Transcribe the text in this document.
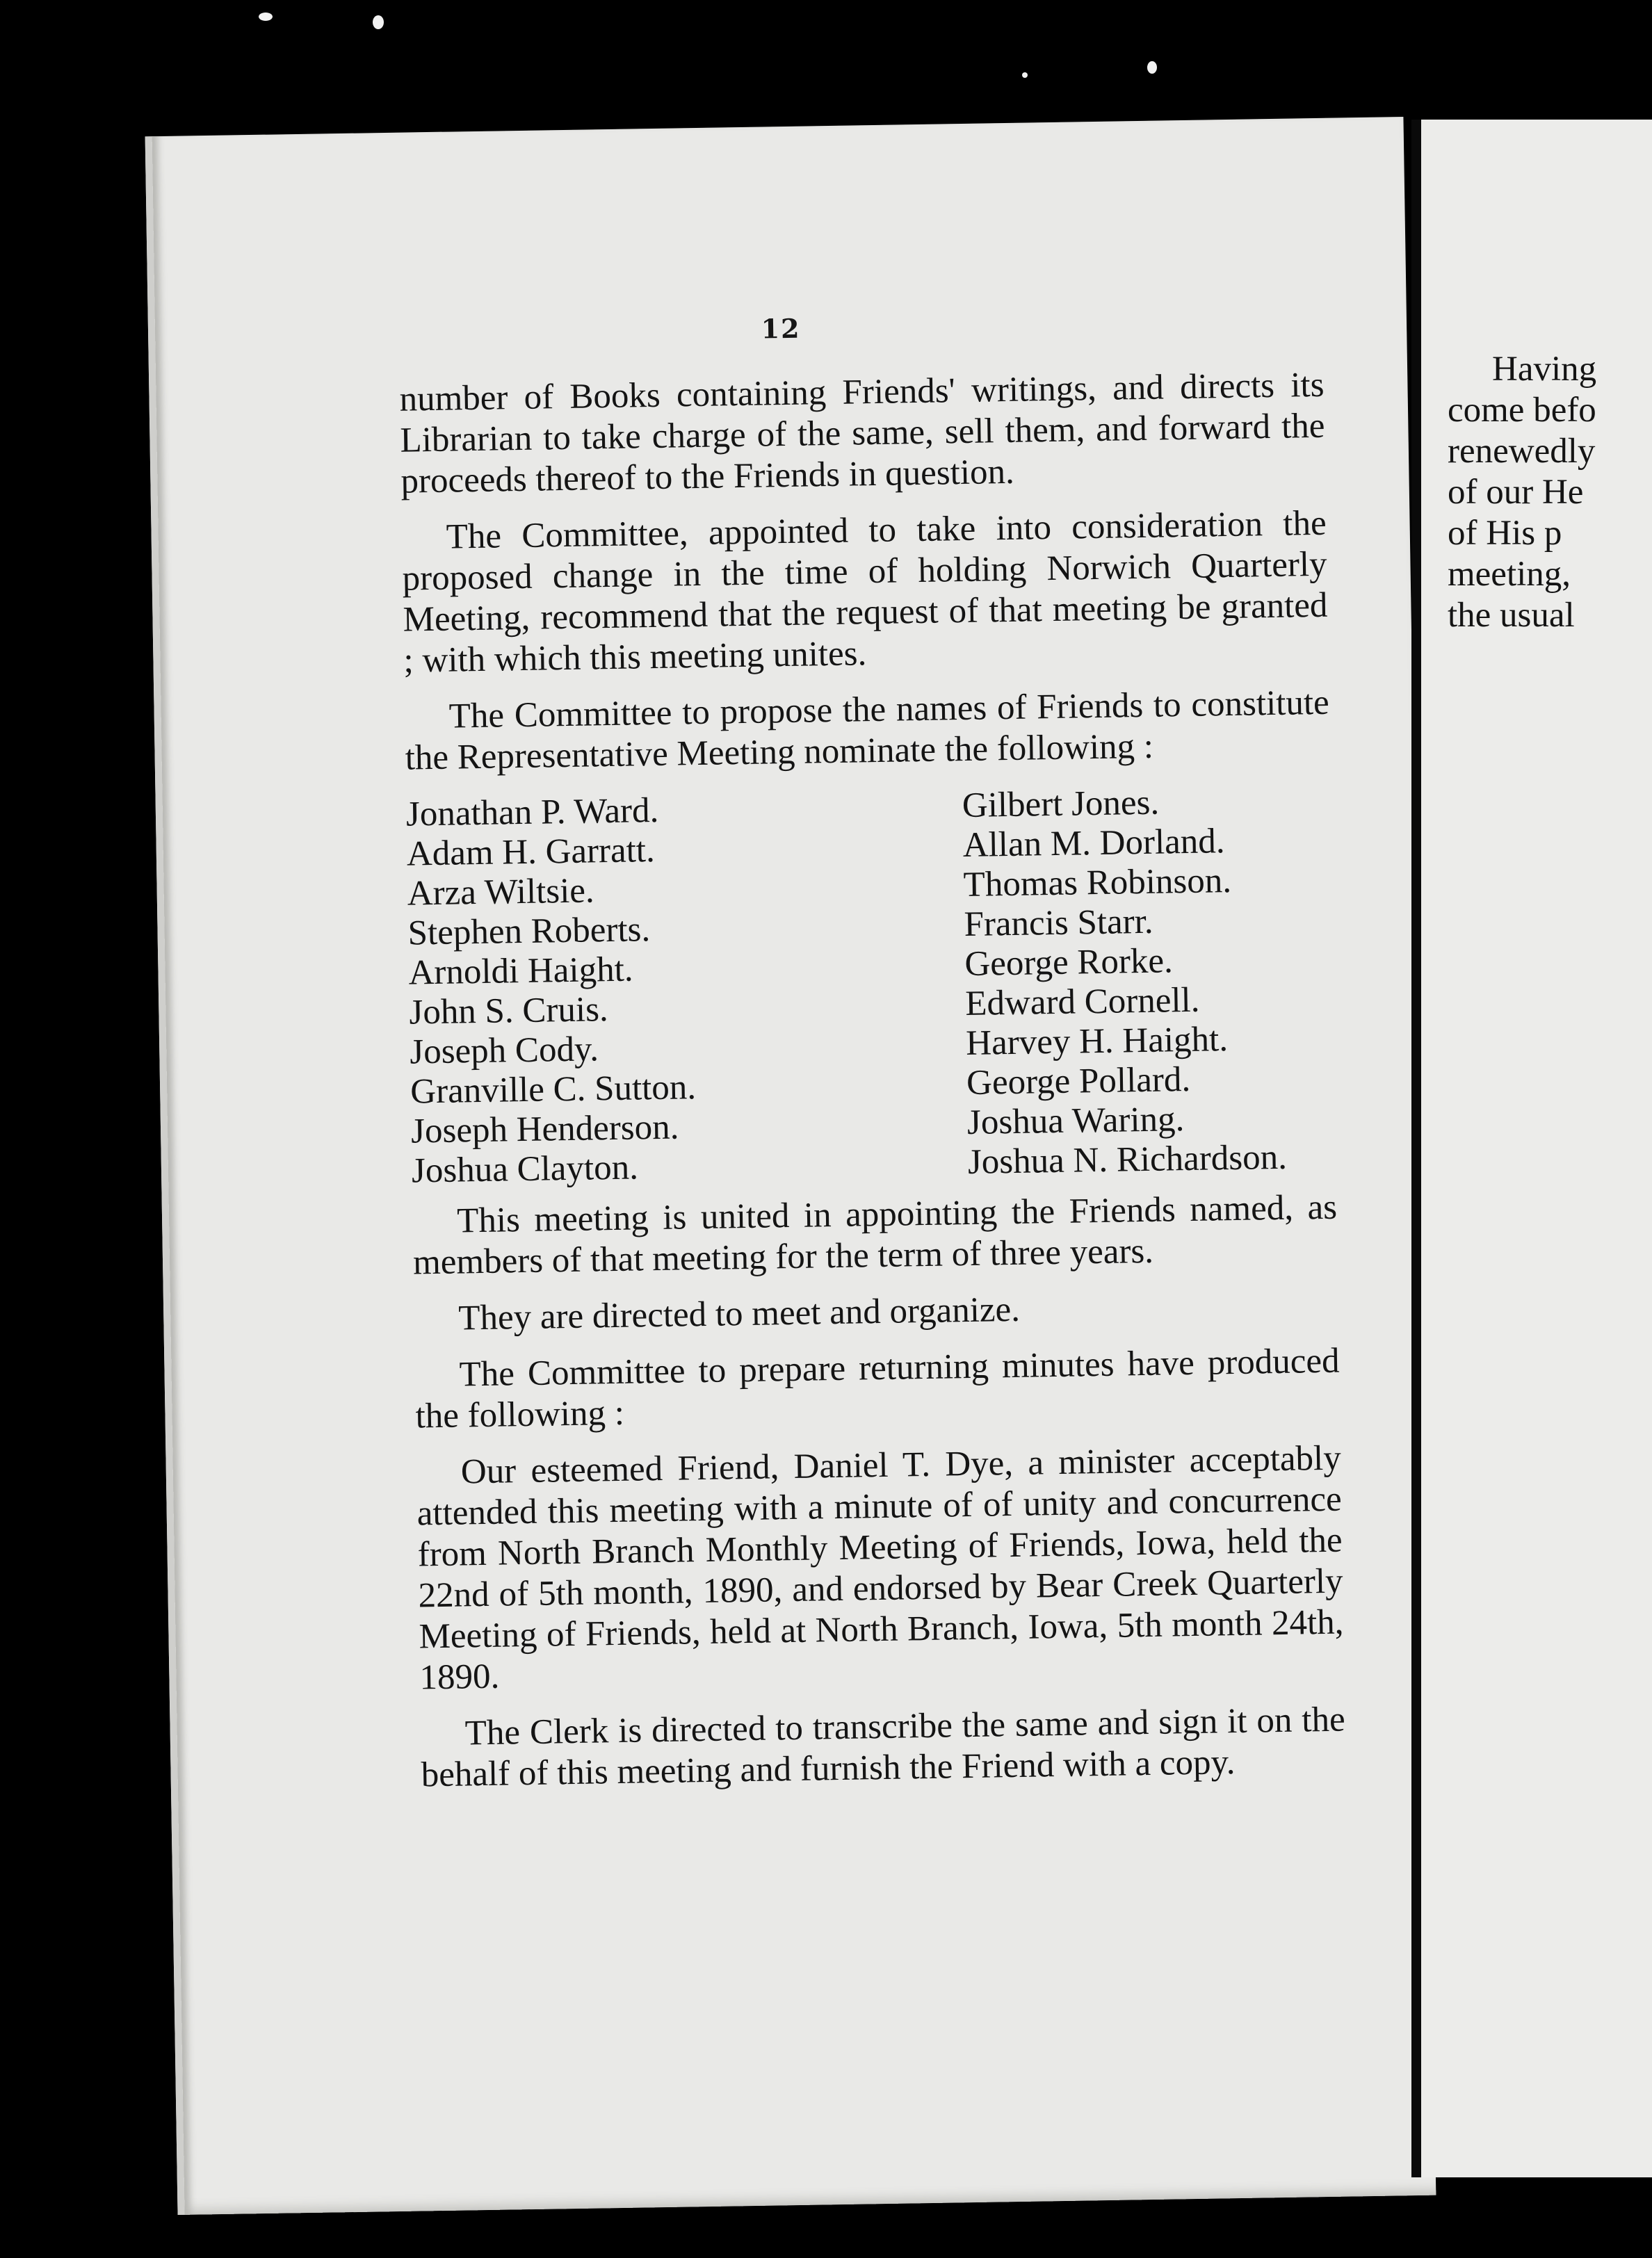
12

number of Books containing Friends' writings, and directs its Librarian to take charge of the same, sell them, and forward the proceeds thereof to the Friends in question.

The Committee, appointed to take into consideration the proposed change in the time of holding Norwich Quarterly Meeting, recommend that the request of that meeting be granted ; with which this meeting unites.

The Committee to propose the names of Friends to constitute the Representative Meeting nominate the following :

Jonathan P. Ward.
Adam H. Garratt.
Arza Wiltsie.
Stephen Roberts.
Arnoldi Haight.
John S. Cruis.
Joseph Cody.
Granville C. Sutton.
Joseph Henderson.
Joshua Clayton.
Gilbert Jones.
Allan M. Dorland.
Thomas Robinson.
Francis Starr.
George Rorke.
Edward Cornell.
Harvey H. Haight.
George Pollard.
Joshua Waring.
Joshua N. Richardson.

This meeting is united in appointing the Friends named, as members of that meeting for the term of three years.

They are directed to meet and organize.

The Committee to prepare returning minutes have produced the following :

Our esteemed Friend, Daniel T. Dye, a minister acceptably attended this meeting with a minute of of unity and concurrence from North Branch Monthly Meeting of Friends, Iowa, held the 22nd of 5th month, 1890, and endorsed by Bear Creek Quarterly Meeting of Friends, held at North Branch, Iowa, 5th month 24th, 1890.

The Clerk is directed to transcribe the same and sign it on the behalf of this meeting and furnish the Friend with a copy.

Having
come befo
renewedly
of our He
of His p
meeting,
the usual
